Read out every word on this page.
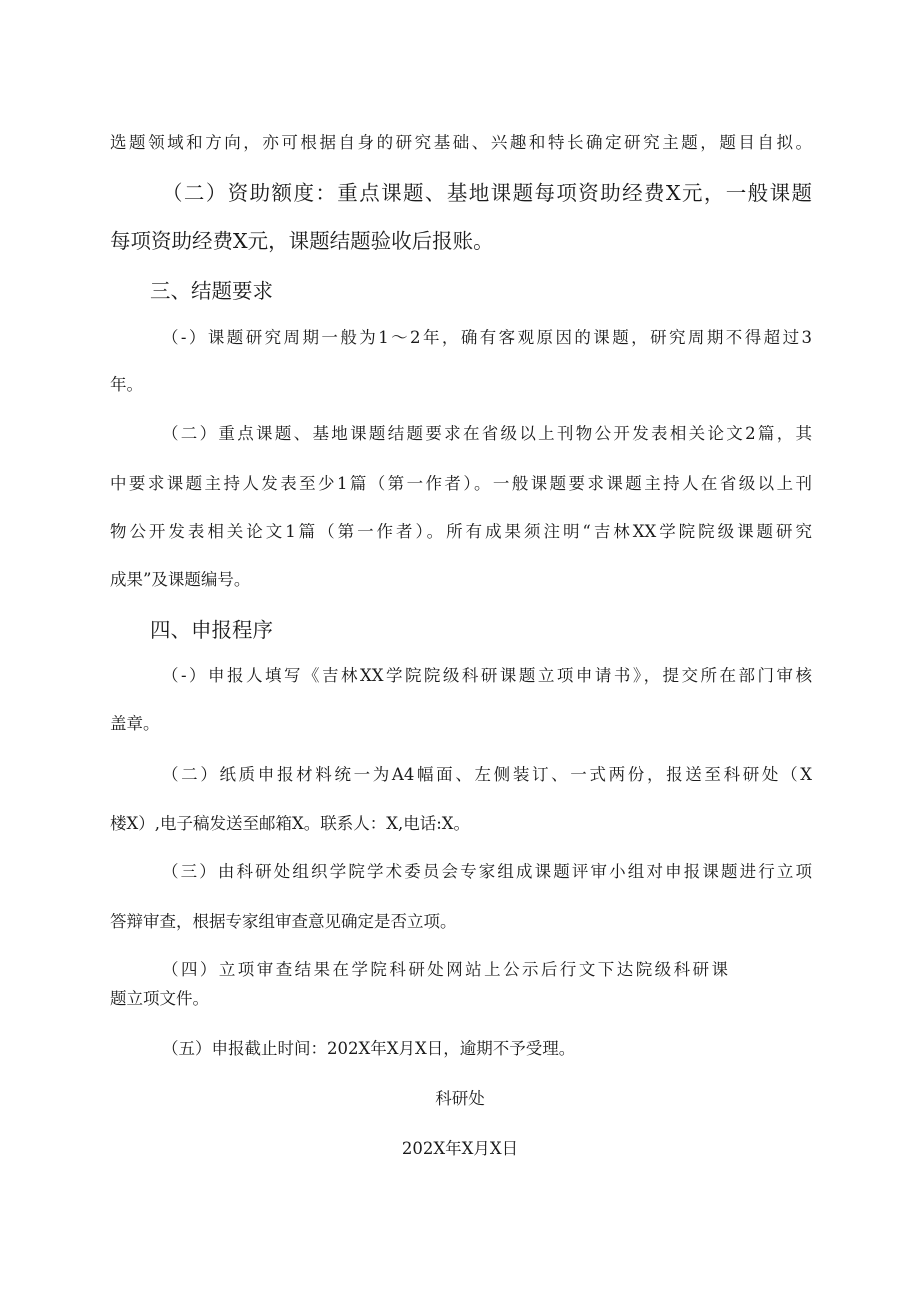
选题领域和方向，亦可根据自身的研究基础、兴趣和特长确定研究主题，题目自拟。
（二）资助额度：重点课题、基地课题每项资助经费X元，一般课题
每项资助经费X元，课题结题验收后报账。
三、结题要求
（-）课题研究周期一般为1～2年，确有客观原因的课题，研究周期不得超过3
年。
（二）重点课题、基地课题结题要求在省级以上刊物公开发表相关论文2篇，其
中要求课题主持人发表至少1篇（第一作者）。一般课题要求课题主持人在省级以上刊
物公开发表相关论文1篇（第一作者）。所有成果须注明“吉林XX学院院级课题研究
成果”及课题编号。
四、申报程序
（-）申报人填写《吉林XX学院院级科研课题立项申请书》，提交所在部门审核
盖章。
（二）纸质申报材料统一为A4幅面、左侧装订、一式两份，报送至科研处（X
楼X）,电子稿发送至邮箱X。联系人：X,电话:X。
（三）由科研处组织学院学术委员会专家组成课题评审小组对申报课题进行立项
答辩审查，根据专家组审查意见确定是否立项。
（四）立项审查结果在学院科研处网站上公示后行文下达院级科研课
题立项文件。
（五）申报截止时间：202X年X月X日，逾期不予受理。
科研处
202X年X月X日
